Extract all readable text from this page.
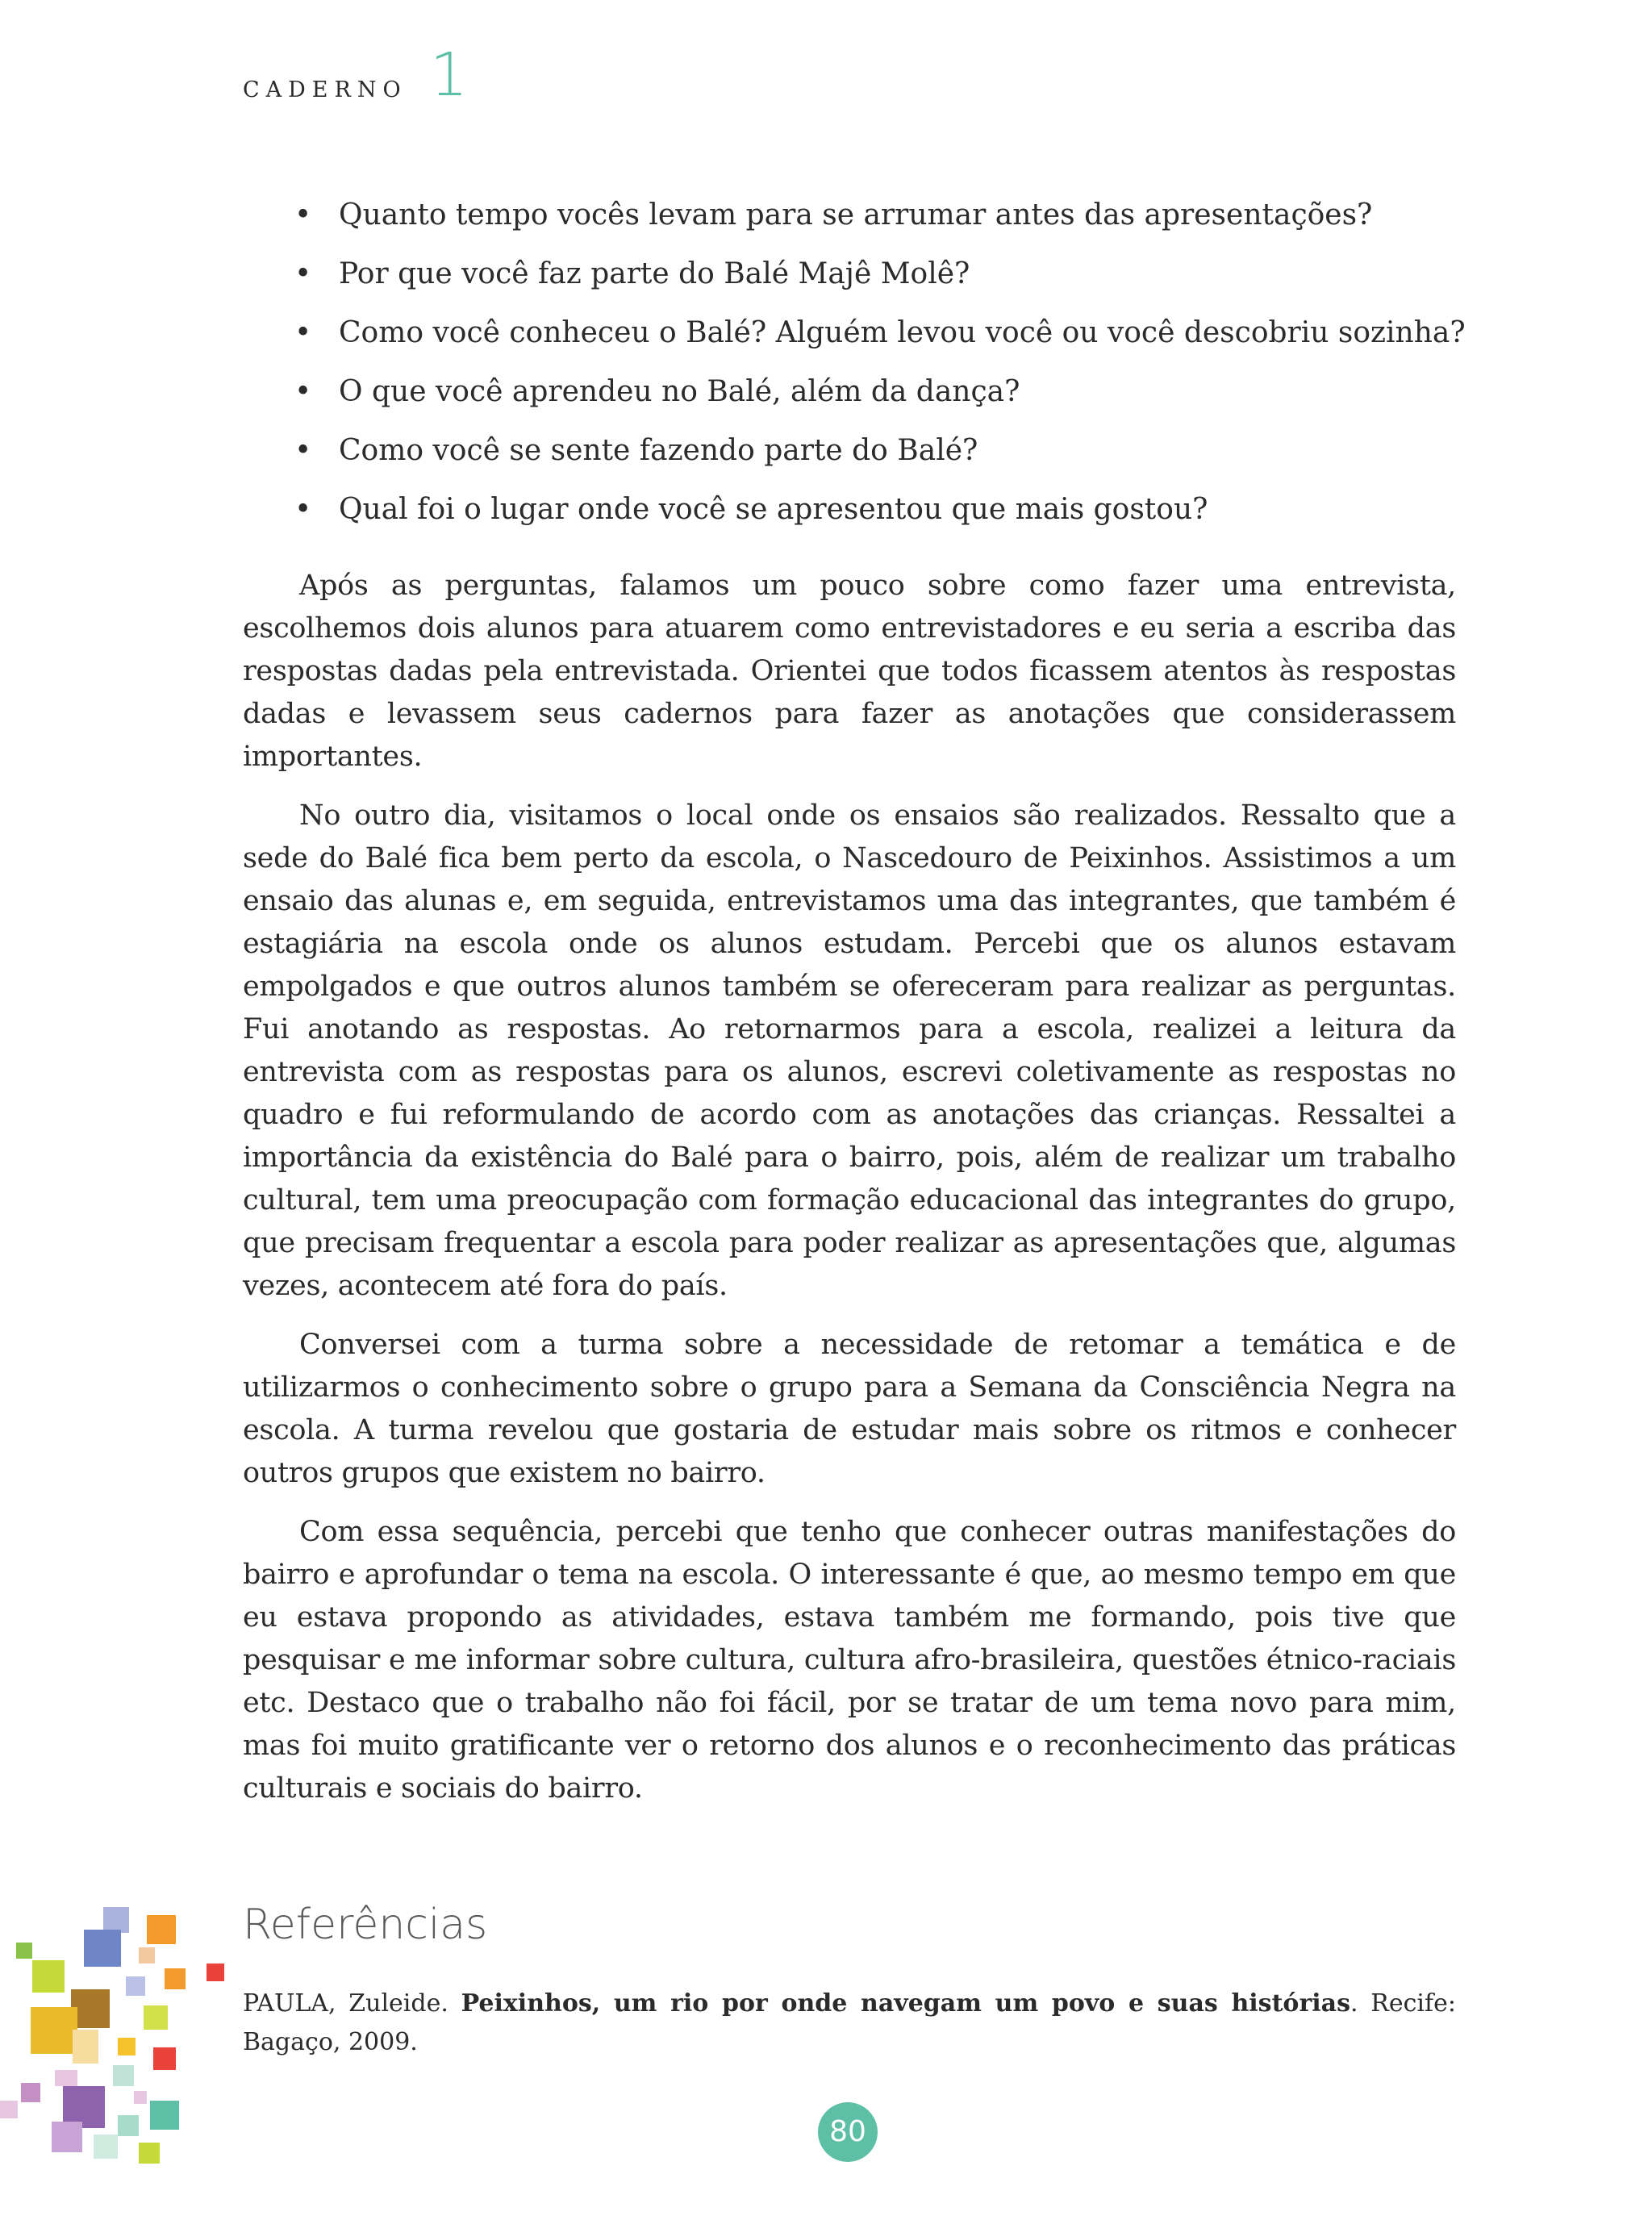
CADERNO 1
• Quanto tempo vocês levam para se arrumar antes das apresentações?
• Por que você faz parte do Balé Majê Molê?
• Como você conheceu o Balé? Alguém levou você ou você descobriu sozinha?
• O que você aprendeu no Balé, além da dança?
• Como você se sente fazendo parte do Balé?
• Qual foi o lugar onde você se apresentou que mais gostou?

Após as perguntas, falamos um pouco sobre como fazer uma entrevista, escolhemos dois alunos para atuarem como entrevistadores e eu seria a escriba das respostas dadas pela entrevistada. Orientei que todos ficassem atentos às respostas dadas e levassem seus cadernos para fazer as anotações que considerassem importantes.

No outro dia, visitamos o local onde os ensaios são realizados. Ressalto que a sede do Balé fica bem perto da escola, o Nascedouro de Peixinhos. Assistimos a um ensaio das alunas e, em seguida, entrevistamos uma das integrantes, que também é estagiária na escola onde os alunos estudam. Percebi que os alunos estavam empolgados e que outros alunos também se ofereceram para realizar as perguntas. Fui anotando as respostas. Ao retornarmos para a escola, realizei a leitura da entrevista com as respostas para os alunos, escrevi coletivamente as respostas no quadro e fui reformulando de acordo com as anotações das crianças. Ressaltei a importância da existência do Balé para o bairro, pois, além de realizar um trabalho cultural, tem uma preocupação com formação educacional das integrantes do grupo, que precisam frequentar a escola para poder realizar as apresentações que, algumas vezes, acontecem até fora do país.

Conversei com a turma sobre a necessidade de retomar a temática e de utilizarmos o conhecimento sobre o grupo para a Semana da Consciência Negra na escola. A turma revelou que gostaria de estudar mais sobre os ritmos e conhecer outros grupos que existem no bairro.

Com essa sequência, percebi que tenho que conhecer outras manifestações do bairro e aprofundar o tema na escola. O interessante é que, ao mesmo tempo em que eu estava propondo as atividades, estava também me formando, pois tive que pesquisar e me informar sobre cultura, cultura afro-brasileira, questões étnico-raciais etc. Destaco que o trabalho não foi fácil, por se tratar de um tema novo para mim, mas foi muito gratificante ver o retorno dos alunos e o reconhecimento das práticas culturais e sociais do bairro.

Referências
PAULA, Zuleide. Peixinhos, um rio por onde navegam um povo e suas histórias. Recife: Bagaço, 2009.
80
